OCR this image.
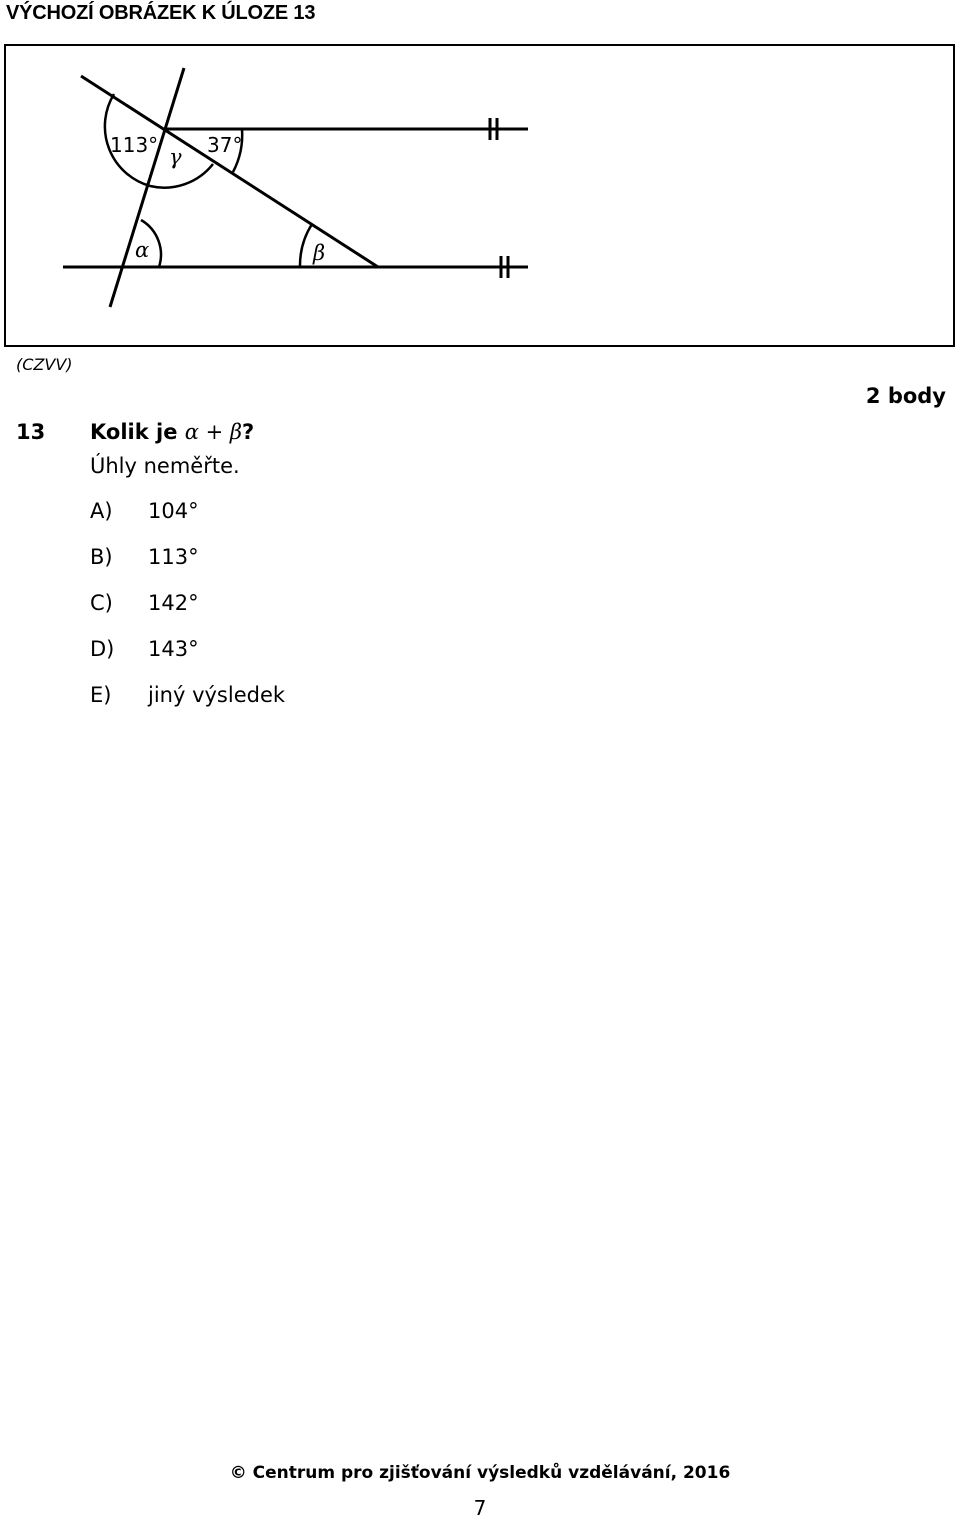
VÝCHOZÍ OBRÁZEK K ÚLOZE 13
113° 37°
γ
α	β
(CZVV)
2 body
13 Kolik je α + β?
Úhly neměřte.
A)	104°
B)	113°
C)	142°
D)	143°
E)	jiný výsledek
© Centrum pro zjišťování výsledků vzdělávání, 2016
7
